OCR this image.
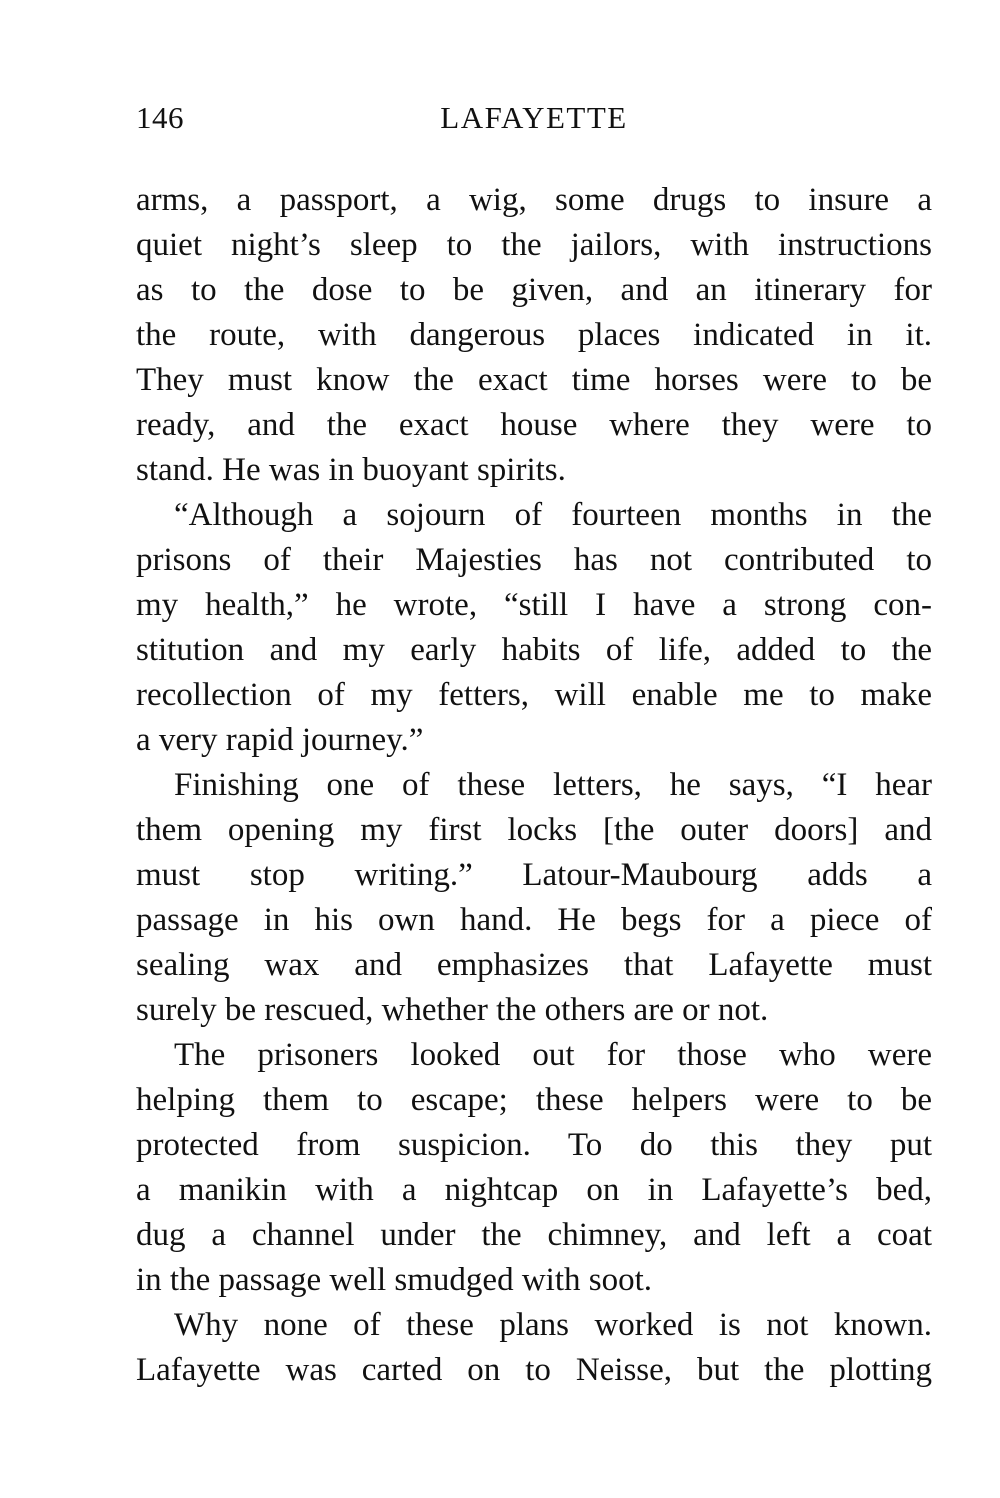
146	LAFAYETTE

arms, a passport, a wig, some drugs to insure a
quiet night’s sleep to the jailors, with instructions
as to the dose to be given, and an itinerary for
the route, with dangerous places indicated in it.
They must know the exact time horses were to be
ready, and the exact house where they were to
stand. He was in buoyant spirits.

“Although a sojourn of fourteen months in the
prisons of their Majesties has not contributed to
my health,” he wrote, “still I have a strong con-
stitution and my early habits of life, added to the
recollection of my fetters, will enable me to make
a very rapid journey.”

Finishing one of these letters, he says, “I hear
them opening my first locks [the outer doors] and
must stop writing.” Latour-Maubourg adds a
passage in his own hand. He begs for a piece of
sealing wax and emphasizes that Lafayette must
surely be rescued, whether the others are or not.

The prisoners looked out for those who were
helping them to escape; these helpers were to be
protected from suspicion. To do this they put
a manikin with a nightcap on in Lafayette’s bed,
dug a channel under the chimney, and left a coat
in the passage well smudged with soot.

Why none of these plans worked is not known.
Lafayette was carted on to Neisse, but the plotting
